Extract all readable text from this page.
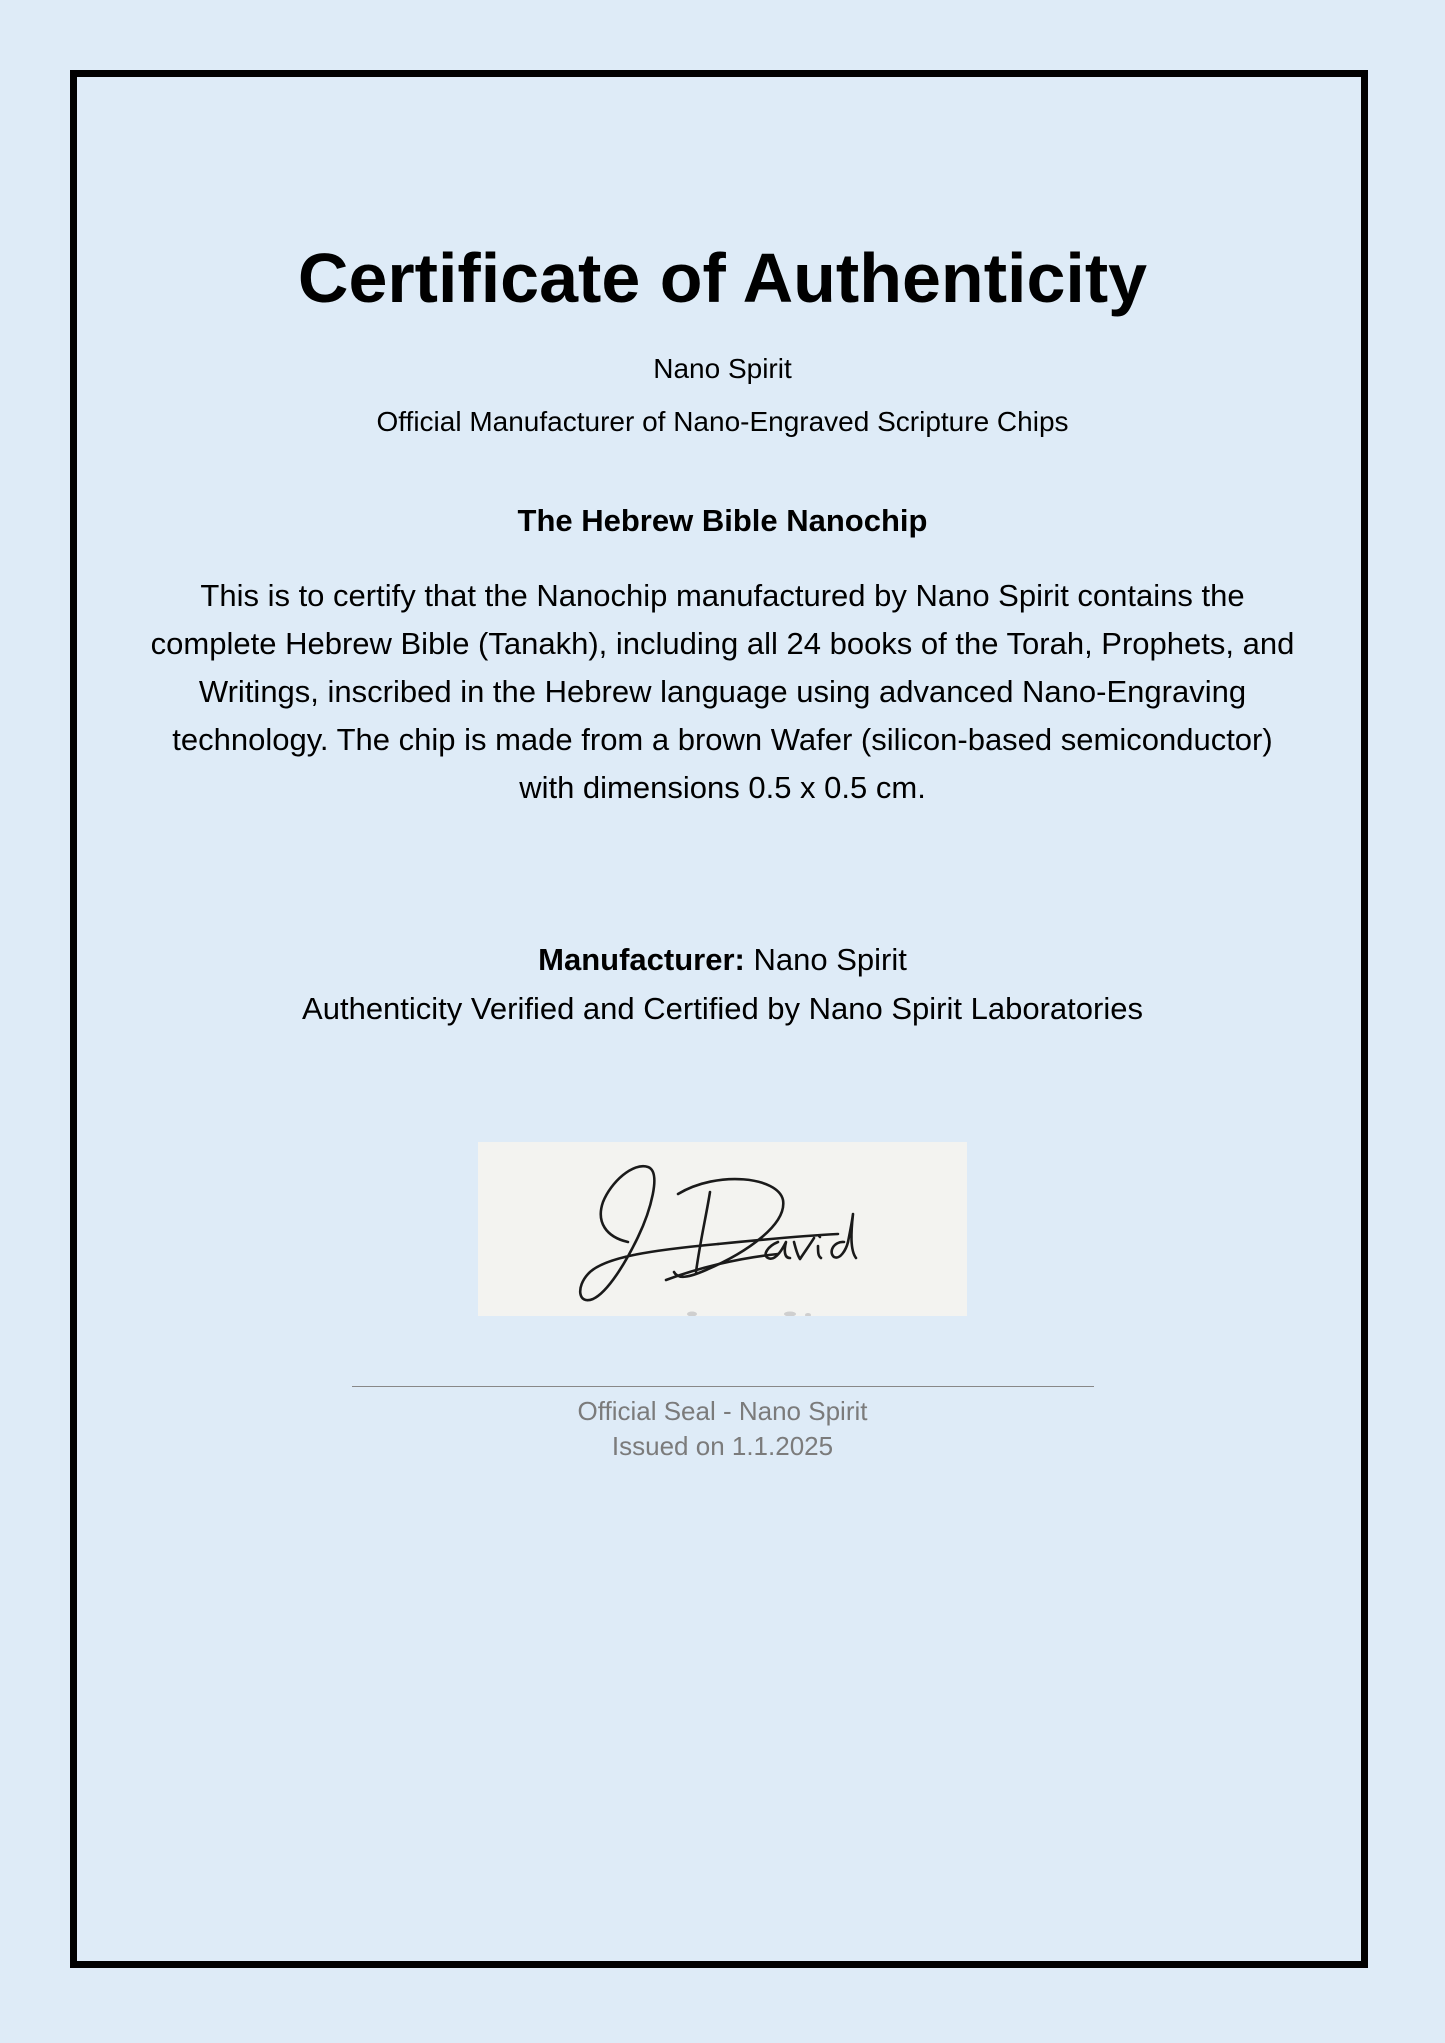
Certificate of Authenticity
Nano Spirit
Official Manufacturer of Nano-Engraved Scripture Chips
The Hebrew Bible Nanochip
This is to certify that the Nanochip manufactured by Nano Spirit contains the complete Hebrew Bible (Tanakh), including all 24 books of the Torah, Prophets, and Writings, inscribed in the Hebrew language using advanced Nano-Engraving technology. The chip is made from a brown Wafer (silicon-based semiconductor) with dimensions 0.5 x 0.5 cm.
Manufacturer: Nano Spirit
Authenticity Verified and Certified by Nano Spirit Laboratories
Official Seal - Nano Spirit
Issued on 1.1.2025
